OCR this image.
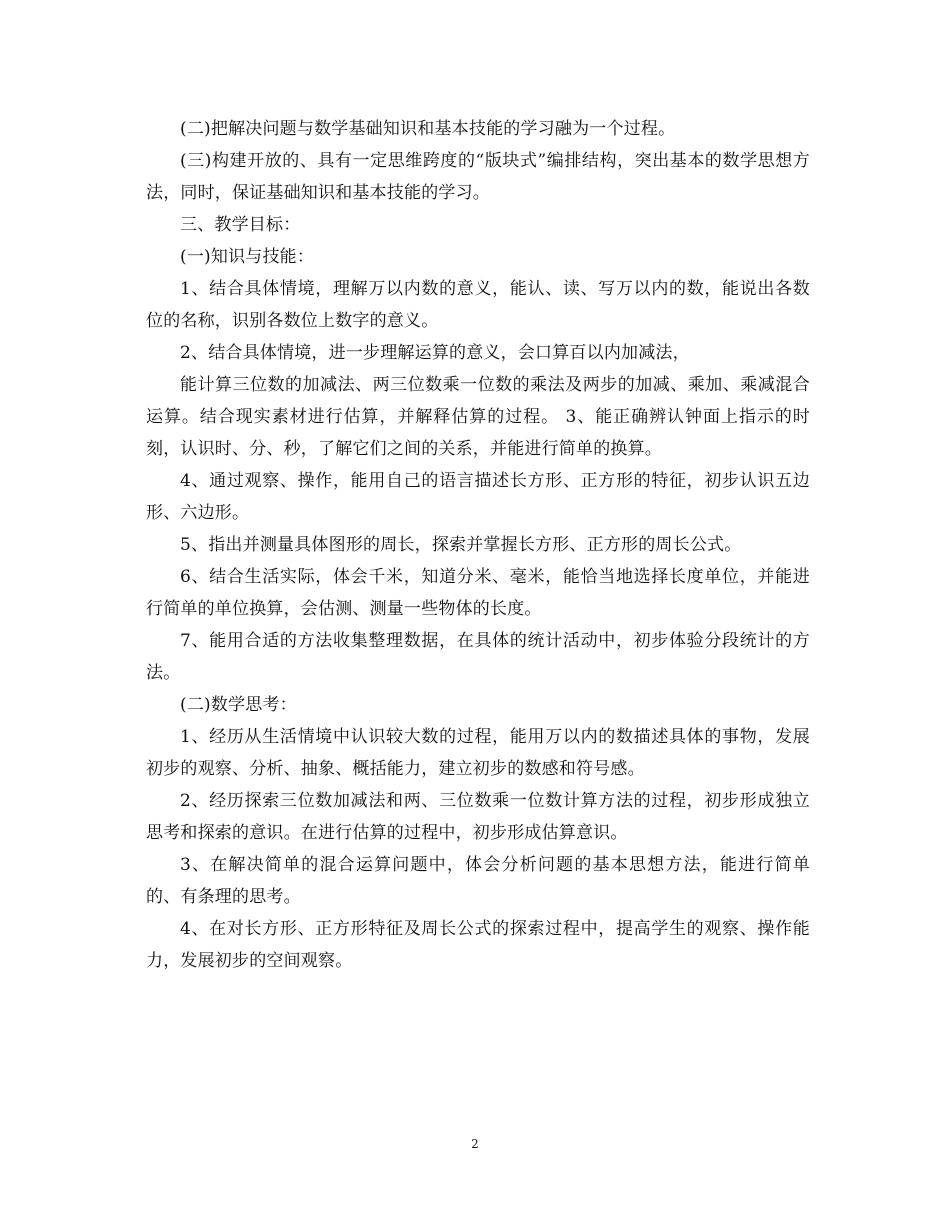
(二)把解决问题与数学基础知识和基本技能的学习融为一个过程。

(三)构建开放的、具有一定思维跨度的“版块式”编排结构，突出基本的数学思想方法，同时，保证基础知识和基本技能的学习。

三、教学目标：

(一)知识与技能：

1、结合具体情境，理解万以内数的意义，能认、读、写万以内的数，能说出各数位的名称，识别各数位上数字的意义。

2、结合具体情境，进一步理解运算的意义，会口算百以内加减法，

能计算三位数的加减法、两三位数乘一位数的乘法及两步的加减、乘加、乘减混合运算。结合现实素材进行估算，并解释估算的过程。 3、能正确辨认钟面上指示的时刻，认识时、分、秒，了解它们之间的关系，并能进行简单的换算。

4、通过观察、操作，能用自己的语言描述长方形、正方形的特征，初步认识五边形、六边形。

5、指出并测量具体图形的周长，探索并掌握长方形、正方形的周长公式。

6、结合生活实际，体会千米，知道分米、毫米，能恰当地选择长度单位，并能进行简单的单位换算，会估测、测量一些物体的长度。

7、能用合适的方法收集整理数据，在具体的统计活动中，初步体验分段统计的方法。

(二)数学思考：

1、经历从生活情境中认识较大数的过程，能用万以内的数描述具体的事物，发展初步的观察、分析、抽象、概括能力，建立初步的数感和符号感。

2、经历探索三位数加减法和两、三位数乘一位数计算方法的过程，初步形成独立思考和探索的意识。在进行估算的过程中，初步形成估算意识。

3、在解决简单的混合运算问题中，体会分析问题的基本思想方法，能进行简单的、有条理的思考。

4、在对长方形、正方形特征及周长公式的探索过程中，提高学生的观察、操作能力，发展初步的空间观察。

2
